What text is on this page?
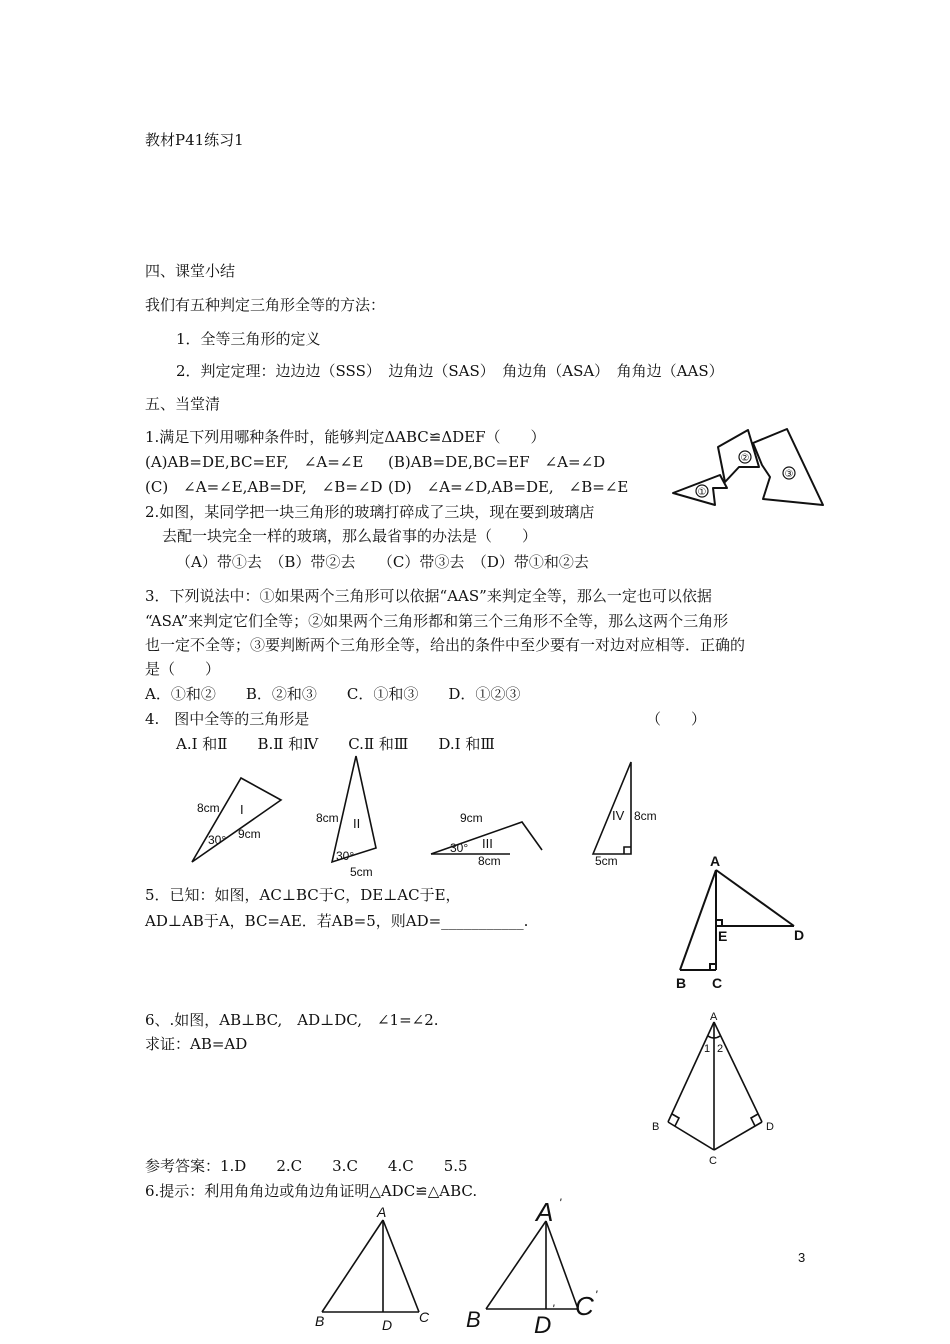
教材P41练习1
四、课堂小结
我们有五种判定三角形全等的方法：
1．全等三角形的定义
2．判定定理：边边边（SSS）　边角边（SAS）　角边角（ASA）　角角边（AAS）
五、当堂清
1.满足下列用哪种条件时，能够判定ΔABC≌ΔDEF（　　）
(A)AB=DE,BC=EF,　∠A=∠E (B)AB=DE,BC=EF　∠A=∠D
(C)　∠A=∠E,AB=DF,　∠B=∠D (D)　∠A=∠D,AB=DE,　∠B=∠E
2.如图，某同学把一块三角形的玻璃打碎成了三块，现在要到玻璃店
去配一块完全一样的玻璃，那么最省事的办法是（　　）
（A）带①去　（B）带②去　　（C）带③去　（D）带①和②去
3．下列说法中：①如果两个三角形可以依据“AAS”来判定全等，那么一定也可以依据
“ASA”来判定它们全等；②如果两个三角形都和第三个三角形不全等，那么这两个三角形
也一定不全等；③要判断两个三角形全等，给出的条件中至少要有一对边对应相等．正确的
是（　　）
A．①和②　　B．②和③　　C．①和③　　D．①②③
4.　图中全等的三角形是	（　　）
A.Ⅰ 和Ⅱ　　B.Ⅱ 和Ⅳ　　C.Ⅱ 和Ⅲ　　D.Ⅰ 和Ⅲ
5．已知：如图，AC⊥BC于C，DE⊥AC于E，
AD⊥AB于A，BC=AE．若AB=5，则AD=___________.
6、.如图，AB⊥BC,　AD⊥DC,　∠1=∠2.
求证：AB=AD
参考答案：1.D　　2.C　　3.C　　4.C　　5.5
6.提示：利用角角边或角边角证明△ADC≌△ABC.
3
①
②
③
8cm I
30° 9cm
8cm II
30°
5cm
9cm
III
30°
8cm
IV 8cm
5cm	A
B C
D
E
A
B
C
D
1 2
A
B	C
D
A '
B	C '
D
'
